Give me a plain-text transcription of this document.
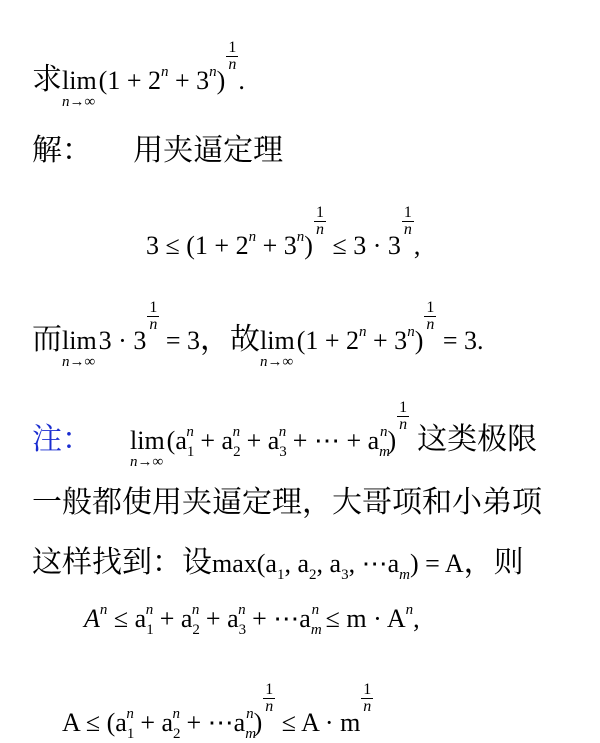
求lim
n→∞
$(1 + 2^n + 3^n)$
$\frac{1}{n}$
.
解： 用夹逼定理
$3 \le (1 + 2^n + 3^n)$
$\frac{1}{n}$
≤ 3 · 3
$\frac{1}{n}$
,
而lim
n→∞
3 · 3
$\frac{1}{n}$
= 3，故lim
n→∞
$(1 + 2^n + 3^n)$
$\frac{1}{n}$
= 3.
注： lim
n→∞
($a_1^n + a_2^n + a_3^n$ + ⋯ + $a_m^n$)
$\frac{1}{n}$
这类极限
一般都使用夹逼定理，大哥项和小弟项
这样找到：设$\max(a_1$, $a_2$, $a_3$, $\cdots a_m) = A$，则
$A^n \le a_1^n + a_2^n + a_3^n$ + $\cdots a_m^n \le m \cdot A^n$,
$A \le (a_1^n + a_2^n$ + $\cdots a_m^n$)
$\frac{1}{n}$
≤ A · m
$\frac{1}{n}$
